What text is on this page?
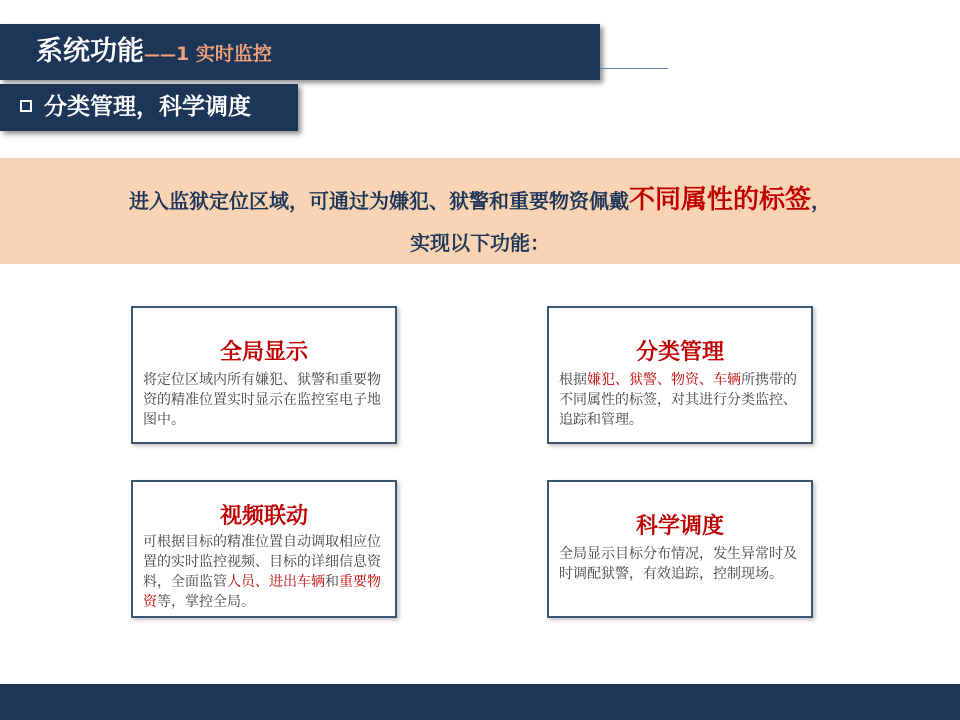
系统功能——1 实时监控
分类管理，科学调度
进入监狱定位区域，可通过为嫌犯、狱警和重要物资佩戴不同属性的标签，
实现以下功能：
全局显示
将定位区域内所有嫌犯、狱警和重要物资的精准位置实时显示在监控室电子地图中。
分类管理
根据嫌犯、狱警、物资、车辆所携带的不同属性的标签，对其进行分类监控、追踪和管理。
视频联动
可根据目标的精准位置自动调取相应位置的实时监控视频、目标的详细信息资料，全面监管人员、进出车辆和重要物资等，掌控全局。
科学调度
全局显示目标分布情况，发生异常时及时调配狱警，有效追踪，控制现场。
